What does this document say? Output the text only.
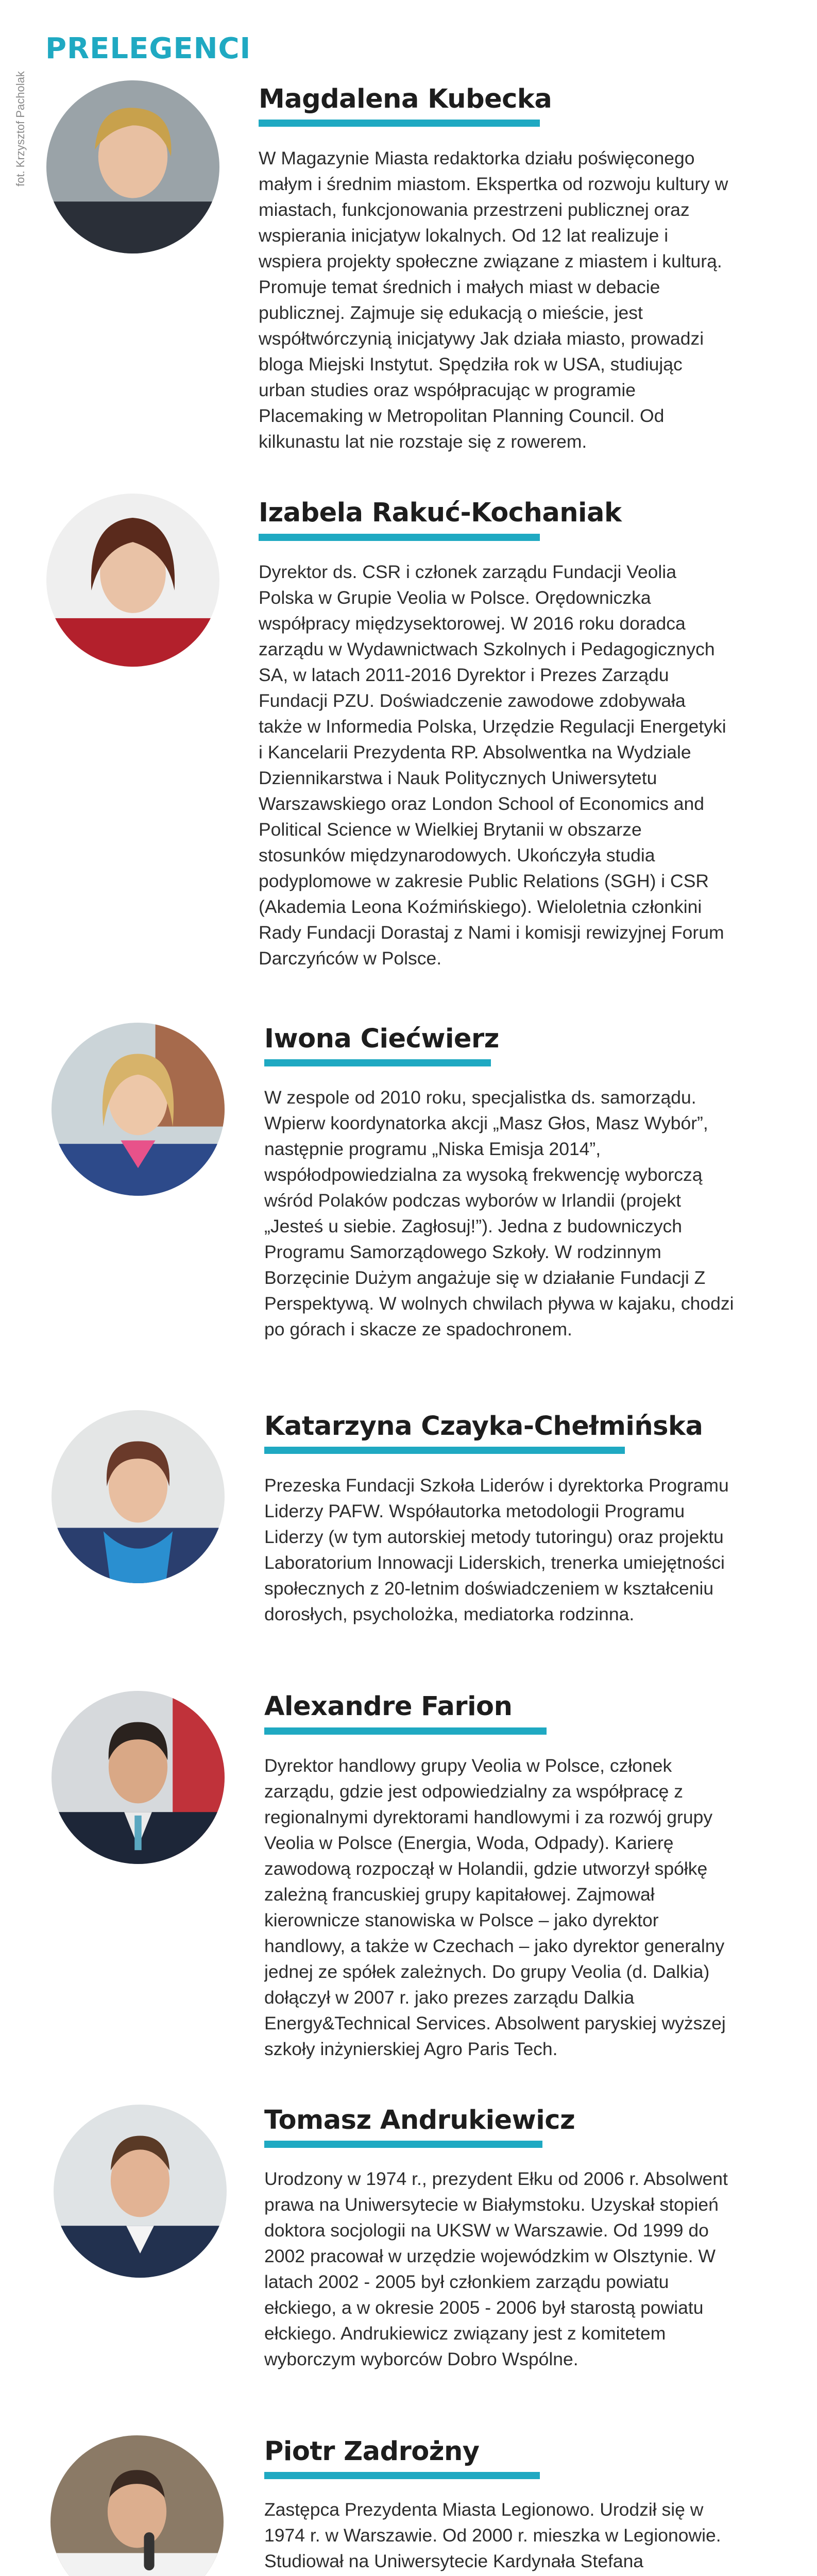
PRELEGENCI
fot. Krzysztof Pacholak	Magdalena Kubecka
W Magazynie Miasta redaktorka działu poświęconego małym i średnim miastom. Ekspertka od rozwoju kultury w miastach, funkcjonowania przestrzeni publicznej oraz wspierania inicjatyw lokalnych. Od 12 lat realizuje i wspiera projekty społeczne związane z miastem i kulturą. Promuje temat średnich i małych miast w debacie publicznej. Zajmuje się edukacją o mieście, jest współtwórczynią inicjatywy Jak działa miasto, prowadzi bloga Miejski Instytut. Spędziła rok w USA, studiując urban studies oraz współpracując w programie Placemaking w Metropolitan Planning Council. Od kilkunastu lat nie rozstaje się z rowerem.
Izabela Rakuć-Kochaniak
Dyrektor ds. CSR i członek zarządu Fundacji Veolia Polska w Grupie Veolia w Polsce. Orędowniczka współpracy międzysektorowej. W 2016 roku doradca zarządu w Wydawnictwach Szkolnych i Pedagogicznych SA, w latach 2011-2016 Dyrektor i Prezes Zarządu Fundacji PZU. Doświadczenie zawodowe zdobywała także w Informedia Polska, Urzędzie Regulacji Energetyki i Kancelarii Prezydenta RP. Absolwentka na Wydziale Dziennikarstwa i Nauk Politycznych Uniwersytetu Warszawskiego oraz London School of Economics and Political Science w Wielkiej Brytanii w obszarze stosunków międzynarodowych. Ukończyła studia podyplomowe w zakresie Public Relations (SGH) i CSR (Akademia Leona Koźmińskiego). Wieloletnia członkini Rady Fundacji Dorastaj z Nami i komisji rewizyjnej Forum Darczyńców w Polsce.
Iwona Ciećwierz
W zespole od 2010 roku, specjalistka ds. samorządu. Wpierw koordynatorka akcji „Masz Głos, Masz Wybór”, następnie programu „Niska Emisja 2014”, współodpowiedzialna za wysoką frekwencję wyborczą wśród Polaków podczas wyborów w Irlandii (projekt „Jesteś u siebie. Zagłosuj!”). Jedna z budowniczych Programu Samorządowego Szkoły. W rodzinnym Borzęcinie Dużym angażuje się w działanie Fundacji Z Perspektywą. W wolnych chwilach pływa w kajaku, chodzi po górach i skacze ze spadochronem.
Katarzyna Czayka-Chełmińska
Prezeska Fundacji Szkoła Liderów i dyrektorka Programu Liderzy PAFW. Współautorka metodologii Programu Liderzy (w tym autorskiej metody tutoringu) oraz projektu Laboratorium Innowacji Liderskich, trenerka umiejętności społecznych z 20-letnim doświadczeniem w kształceniu dorosłych, psycholożka, mediatorka rodzinna.
Alexandre Farion
Dyrektor handlowy grupy Veolia w Polsce, członek zarządu, gdzie jest odpowiedzialny za współpracę z regionalnymi dyrektorami handlowymi i za rozwój grupy Veolia w Polsce (Energia, Woda, Odpady). Karierę zawodową rozpoczął w Holandii, gdzie utworzył spółkę zależną francuskiej grupy kapitałowej. Zajmował kierownicze stanowiska w Polsce – jako dyrektor handlowy, a także w Czechach – jako dyrektor generalny jednej ze spółek zależnych. Do grupy Veolia (d. Dalkia) dołączył w 2007 r. jako prezes zarządu Dalkia Energy&Technical Services. Absolwent paryskiej wyższej szkoły inżynierskiej Agro Paris Tech.
Tomasz Andrukiewicz
Urodzony w 1974 r., prezydent Ełku od 2006 r. Absolwent prawa na Uniwersytecie w Białymstoku. Uzyskał stopień doktora socjologii na UKSW w Warszawie. Od 1999 do 2002 pracował w urzędzie wojewódzkim w Olsztynie. W latach 2002 - 2005 był członkiem zarządu powiatu ełckiego, a w okresie 2005 - 2006 był starostą powiatu ełckiego. Andrukiewicz związany jest z komitetem wyborczym wyborców Dobro Wspólne.
Piotr Zadrożny
Zastępca Prezydenta Miasta Legionowo. Urodził się w 1974 r. w Warszawie. Od 2000 r. mieszka w Legionowie. Studiował na Uniwersytecie Kardynała Stefana
